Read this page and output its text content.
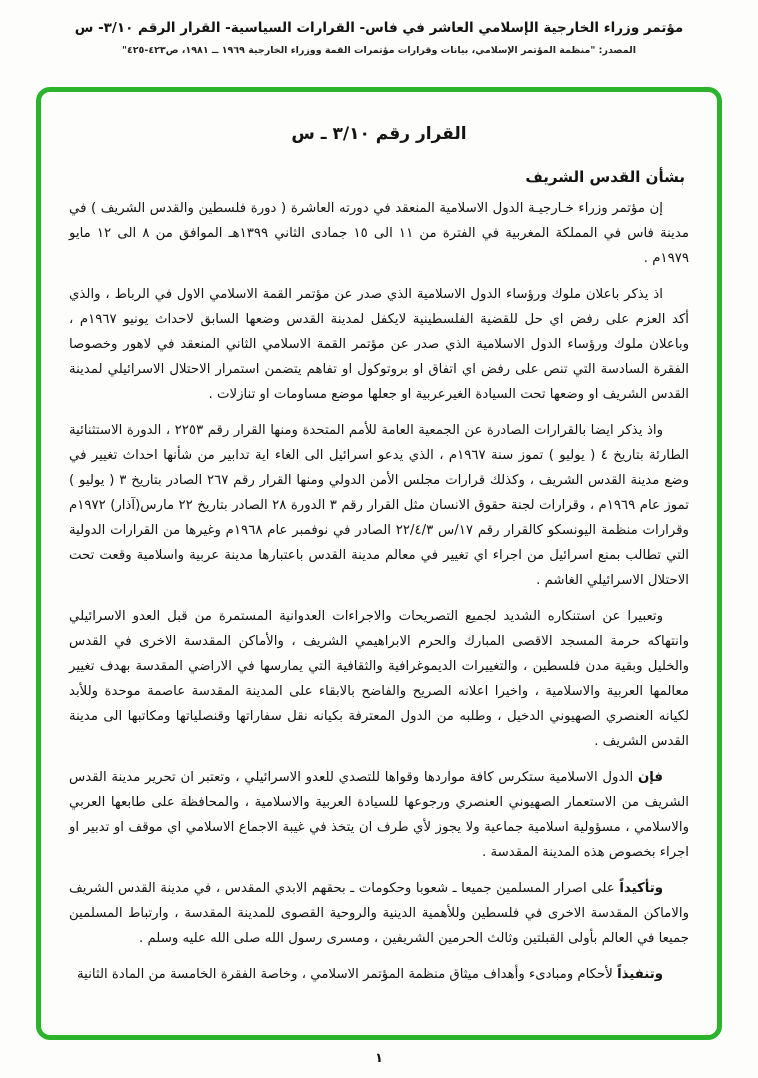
مؤتمر وزراء الخارجية الإسلامي العاشر في فاس- القرارات السياسية- القرار الرقم ٣/١٠- س
المصدر: "منظمة المؤتمر الإسلامي، بيانات وقرارات مؤتمرات القمة ووزراء الخارجية ١٩٦٩ ــ ١٩٨١، ص٤٢٣-٤٢٥"
القرار رقم ٣/١٠ ـ س
بشأن القدس الشريف

إن مؤتمر وزراء خـارجيـة الدول الاسلامية المنعقد في دورته العاشرة ( دورة فلسطين والقدس الشريف ) في مدينة فاس في المملكة المغربية في الفترة من ١١ الى ١٥ جمادى الثاني ١٣٩٩هـ الموافق من ٨ الى ١٢ مايو ١٩٧٩م .

اذ يذكر باعلان ملوك ورؤساء الدول الاسلامية الذي صدر عن مؤتمر القمة الاسلامي الاول في الرباط ، والذي أكد العزم على رفض اي حل للقضية الفلسطينية لايكفل لمدينة القدس وضعها السابق لاحداث يونيو ١٩٦٧م ، وباعلان ملوك ورؤساء الدول الاسلامية الذي صدر عن مؤتمر القمة الاسلامي الثاني المنعقد في لاهور وخصوصا الفقرة السادسة التي تنص على رفض اي اتفاق او بروتوكول او تفاهم يتضمن استمرار الاحتلال الاسرائيلي لمدينة القدس الشريف او وضعها تحت السيادة الغيرعربية او جعلها موضع مساومات او تنازلات .

واذ يذكر ايضا بالقرارات الصادرة عن الجمعية العامة للأمم المتحدة ومنها القرار رقم ٢٢٥٣ ، الدورة الاستثنائية الطارئة بتاريخ ٤ ( يوليو ) تموز سنة ١٩٦٧م ، الذي يدعو اسرائيل الى الغاء اية تدابير من شأنها احداث تغيير في وضع مدينة القدس الشريف ، وكذلك قرارات مجلس الأمن الدولي ومنها القرار رقم ٢٦٧ الصادر بتاريخ ٣ ( يوليو ) تموز عام ١٩٦٩م ، وقرارات لجنة حقوق الانسان مثل القرار رقم ٣ الدورة ٢٨ الصادر بتاريخ ٢٢ مارس(آذار) ١٩٧٢م وقرارات منظمة اليونسكو كالقرار رقم ١٧/س ٢٢/٤/٣ الصادر في نوفمبر عام ١٩٦٨م وغيرها من القرارات الدولية التي تطالب بمنع اسرائيل من اجراء اي تغيير في معالم مدينة القدس باعتبارها مدينة عربية واسلامية وقعت تحت الاحتلال الاسرائيلي الغاشم .

وتعبيرا عن استنكاره الشديد لجميع التصريحات والاجراءات العدوانية المستمرة من قبل العدو الاسرائيلي وانتهاكه حرمة المسجد الاقصى المبارك والحرم الابراهيمي الشريف ، والأماكن المقدسة الاخرى في القدس والخليل وبقية مدن فلسطين ، والتغييرات الديموغرافية والثقافية التي يمارسها في الاراضي المقدسة بهدف تغيير معالمها العربية والاسلامية ، واخيرا اعلانه الصريح والفاضح بالابقاء على المدينة المقدسة عاصمة موحدة وللأبد لكيانه العنصري الصهيوني الدخيل ، وطلبه من الدول المعترفة بكيانه نقل سفاراتها وقنصلياتها ومكاتبها الى مدينة القدس الشريف .

فإن الدول الاسلامية ستكرس كافة مواردها وقواها للتصدي للعدو الاسرائيلي ، وتعتبر ان تحرير مدينة القدس الشريف من الاستعمار الصهيوني العنصري ورجوعها للسيادة العربية والاسلامية ، والمحافظة على طابعها العربي والاسلامي ، مسؤولية اسلامية جماعية ولا يجوز لأي طرف ان يتخذ في غيبة الاجماع الاسلامي اي موقف او تدبير او اجراء بخصوص هذه المدينة المقدسة .

وتأكيداً على اصرار المسلمين جميعا ـ شعوبا وحكومات ـ بحقهم الابدي المقدس ، في مدينة القدس الشريف والاماكن المقدسة الاخرى في فلسطين وللأهمية الدينية والروحية القصوى للمدينة المقدسة ، وارتباط المسلمين جميعا في العالم بأولى القبلتين وثالث الحرمين الشريفين ، ومسرى رسول الله صلى الله عليه وسلم .

وتنفيذاً لأحكام ومبادىء وأهداف ميثاق منظمة المؤتمر الاسلامي ، وخاصة الفقرة الخامسة من المادة الثانية

١
